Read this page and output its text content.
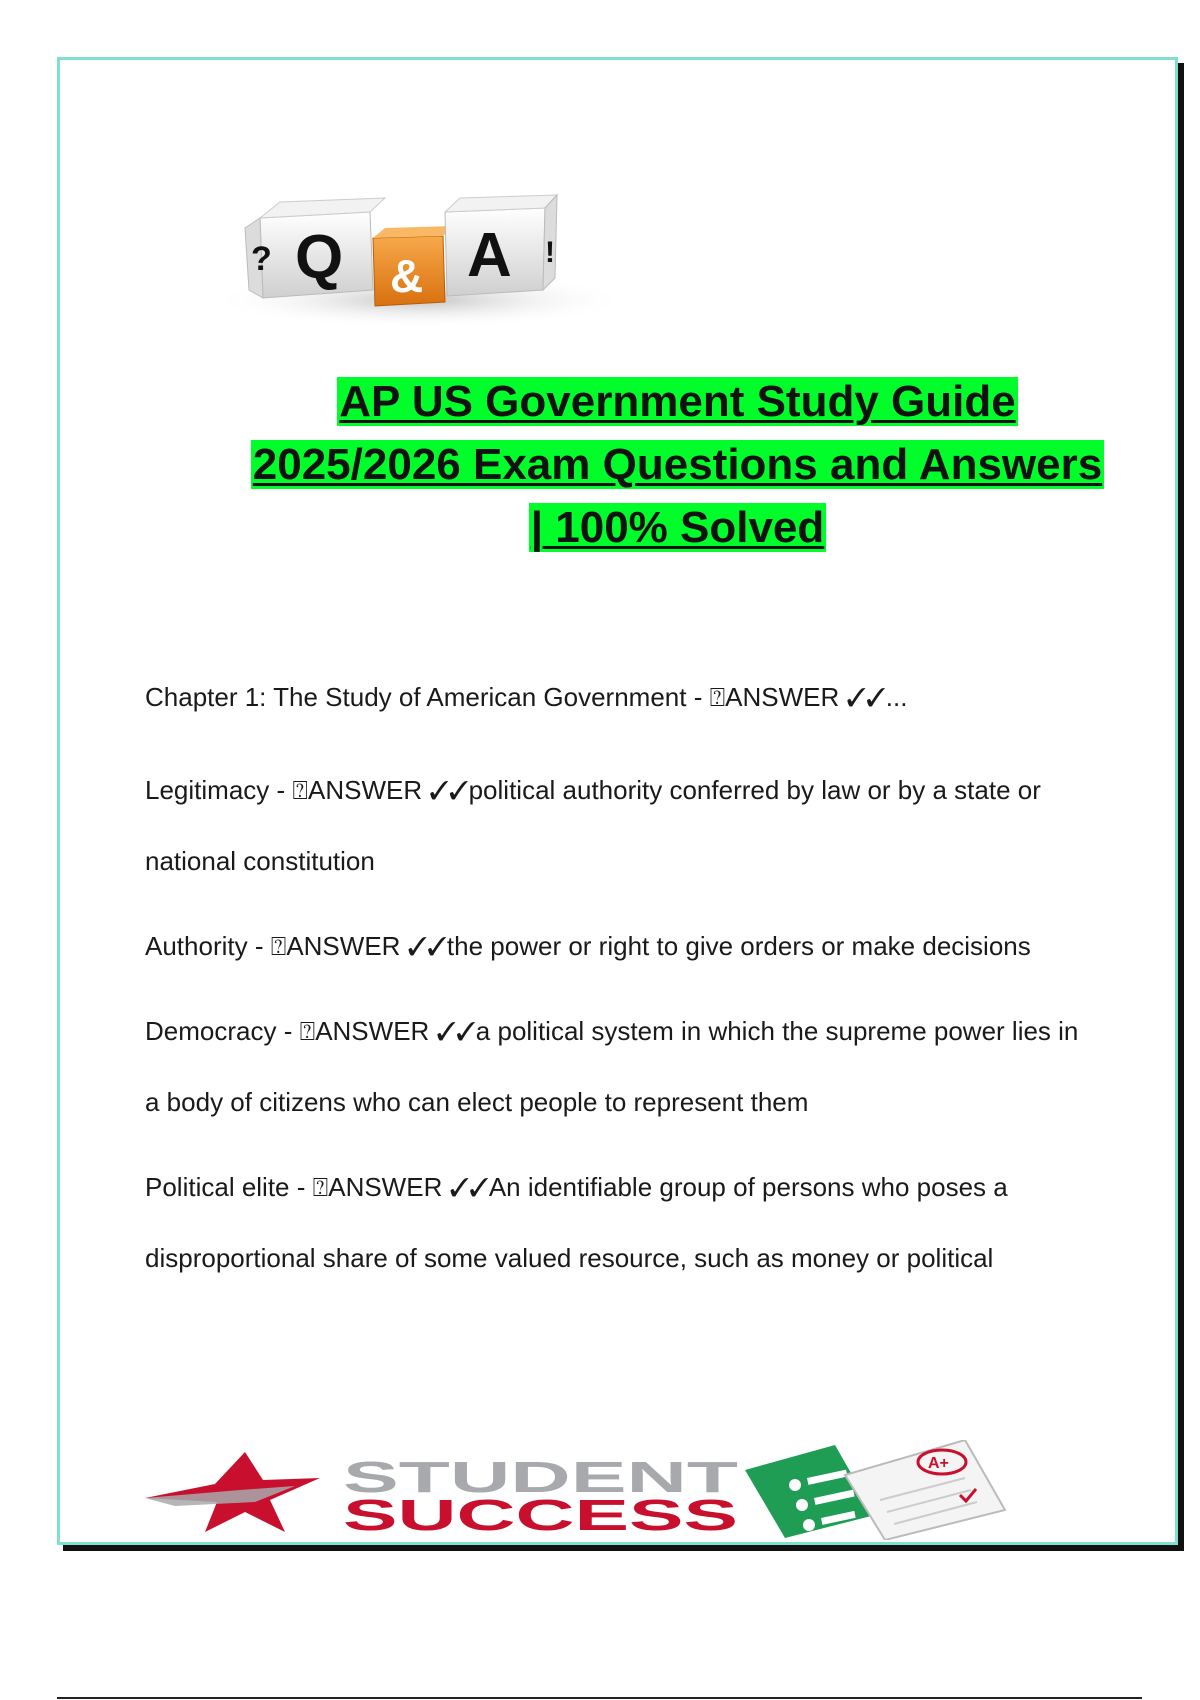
? Q & A !
AP US Government Study Guide
2025/2026 Exam Questions and Answers
| 100% Solved
Chapter 1: The Study of American Government - ⍰ANSWER ✓✓...
Legitimacy - ⍰ANSWER ✓✓political authority conferred by law or by a state or national constitution
Authority - ⍰ANSWER ✓✓the power or right to give orders or make decisions
Democracy - ⍰ANSWER ✓✓a political system in which the supreme power lies in a body of citizens who can elect people to represent them
Political elite - ⍰ANSWER ✓✓An identifiable group of persons who poses a disproportional share of some valued resource, such as money or political
STUDENT
SUCCESS
A+
